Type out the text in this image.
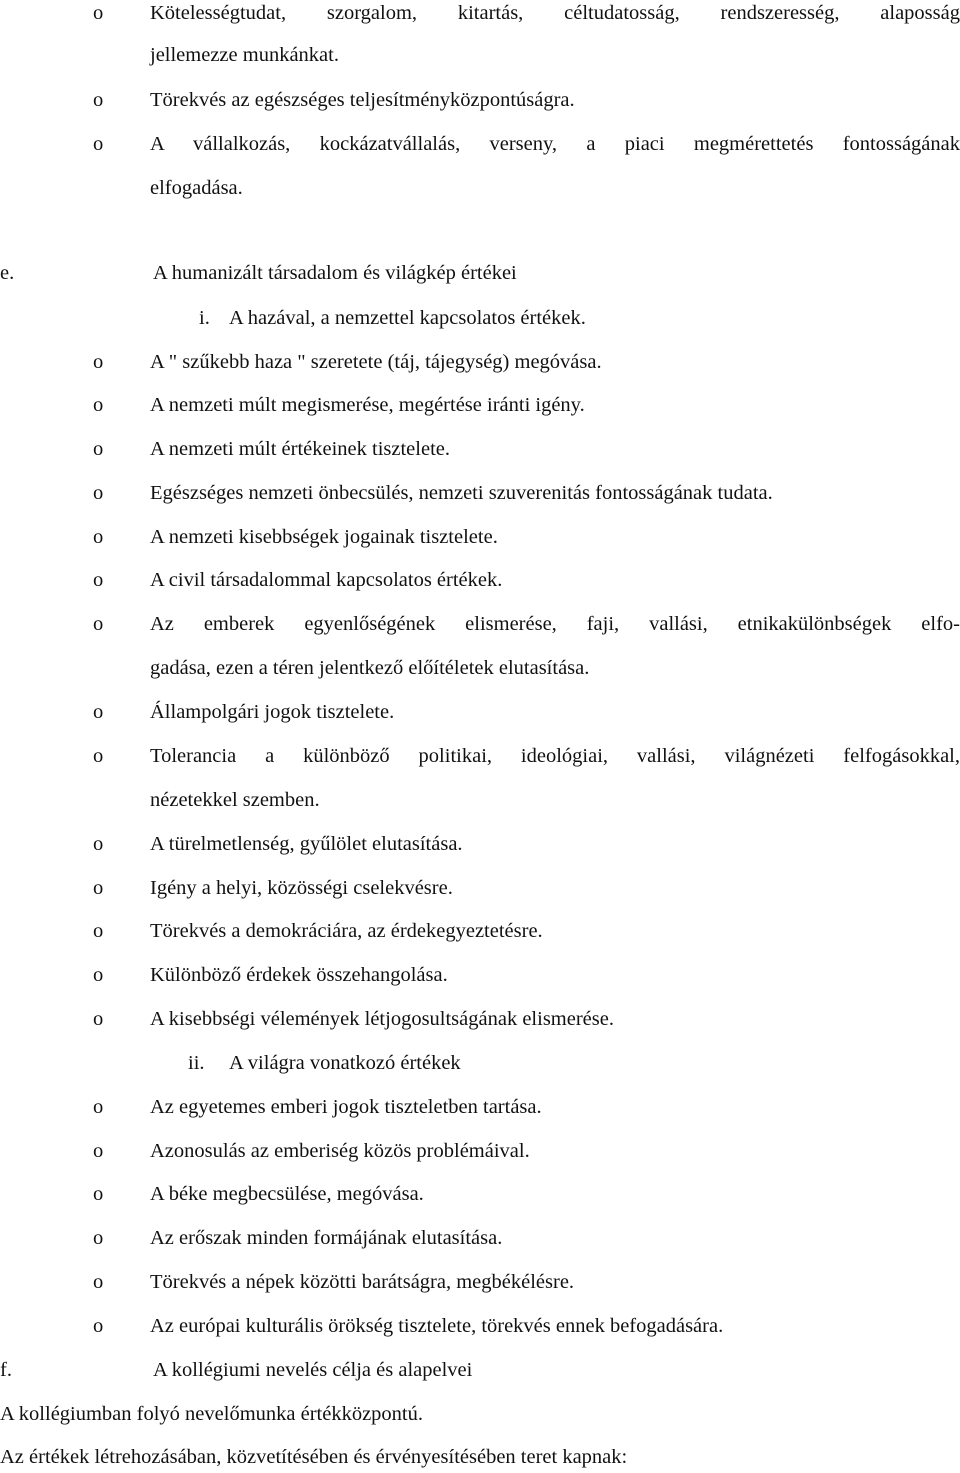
o Kötelességtudat, szorgalom, kitartás, céltudatosság, rendszeresség, alaposság
jellemezze munkánkat.
o Törekvés az egészséges teljesítményközpontúságra.
o A vállalkozás, kockázatvállalás, verseny, a piaci megmérettetés fontosságának
elfogadása.
e.	A humanizált társadalom és világkép értékei
i. A hazával, a nemzettel kapcsolatos értékek.
o A " szűkebb haza " szeretete (táj, tájegység) megóvása.
o A nemzeti múlt megismerése, megértése iránti igény.
o A nemzeti múlt értékeinek tisztelete.
o Egészséges nemzeti önbecsülés, nemzeti szuverenitás fontosságának tudata.
o A nemzeti kisebbségek jogainak tisztelete.
o A civil társadalommal kapcsolatos értékek.
o Az emberek egyenlőségének elismerése, faji, vallási, etnikakülönbségek elfo-
gadása, ezen a téren jelentkező előítéletek elutasítása.
o Állampolgári jogok tisztelete.
o Tolerancia a különböző politikai, ideológiai, vallási, világnézeti felfogásokkal,
nézetekkel szemben.
o A türelmetlenség, gyűlölet elutasítása.
o Igény a helyi, közösségi cselekvésre.
o Törekvés a demokráciára, az érdekegyeztetésre.
o Különböző érdekek összehangolása.
o A kisebbségi vélemények létjogosultságának elismerése.
ii. A világra vonatkozó értékek
o Az egyetemes emberi jogok tiszteletben tartása.
o Azonosulás az emberiség közös problémáival.
o A béke megbecsülése, megóvása.
o Az erőszak minden formájának elutasítása.
o Törekvés a népek közötti barátságra, megbékélésre.
o Az európai kulturális örökség tisztelete, törekvés ennek befogadására.
f.	A kollégiumi nevelés célja és alapelvei
A kollégiumban folyó nevelőmunka értékközpontú.
Az értékek létrehozásában, közvetítésében és érvényesítésében teret kapnak:
